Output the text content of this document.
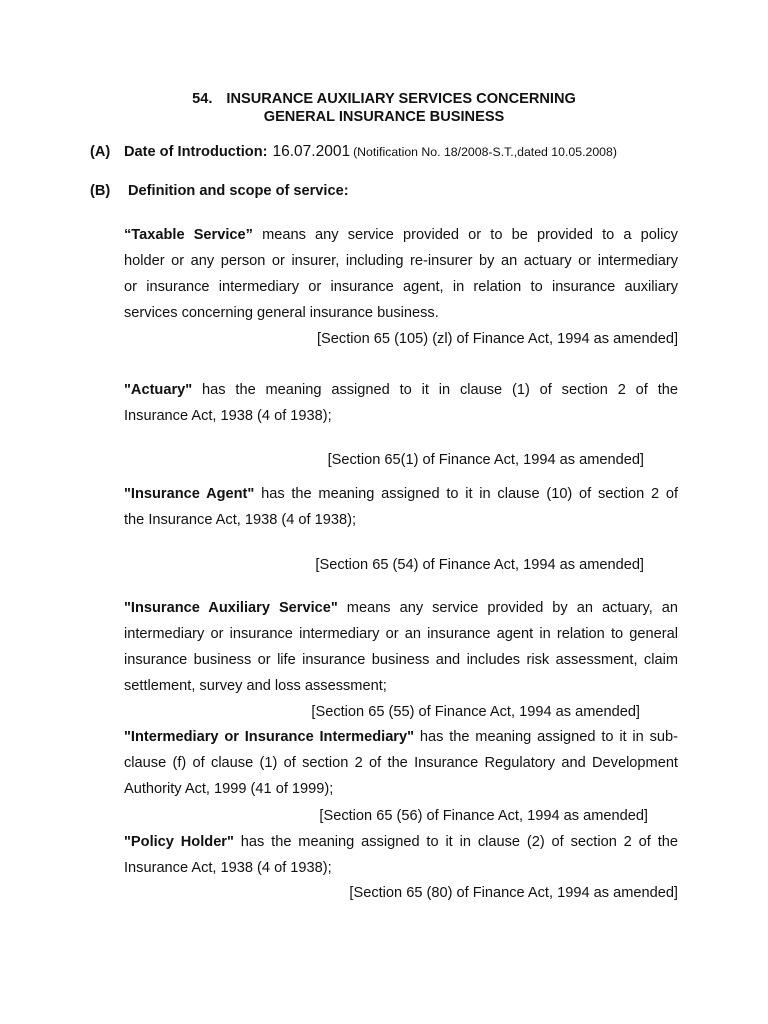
54. INSURANCE AUXILIARY SERVICES CONCERNING
GENERAL INSURANCE BUSINESS
(A) Date of Introduction: 16.07.2001 (Notification No. 18/2008-S.T.,dated 10.05.2008)
(B) Definition and scope of service:
“Taxable Service” means any service provided or to be provided to a policy
holder or any person or insurer, including re-insurer by an actuary or intermediary
or insurance intermediary or insurance agent, in relation to insurance auxiliary
services concerning general insurance business.
[Section 65 (105) (zl) of Finance Act, 1994 as amended]
"Actuary" has the meaning assigned to it in clause (1) of section 2 of the
Insurance Act, 1938 (4 of 1938);
[Section 65(1) of Finance Act, 1994 as amended]
"Insurance Agent" has the meaning assigned to it in clause (10) of section 2 of
the Insurance Act, 1938 (4 of 1938);
[Section 65 (54) of Finance Act, 1994 as amended]
"Insurance Auxiliary Service" means any service provided by an actuary, an
intermediary or insurance intermediary or an insurance agent in relation to general
insurance business or life insurance business and includes risk assessment, claim
settlement, survey and loss assessment;
[Section 65 (55) of Finance Act, 1994 as amended]
"Intermediary or Insurance Intermediary" has the meaning assigned to it in sub-
clause (f) of clause (1) of section 2 of the Insurance Regulatory and Development
Authority Act, 1999 (41 of 1999);
[Section 65 (56) of Finance Act, 1994 as amended]
"Policy Holder" has the meaning assigned to it in clause (2) of section 2 of the
Insurance Act, 1938 (4 of 1938);
[Section 65 (80) of Finance Act, 1994 as amended]
